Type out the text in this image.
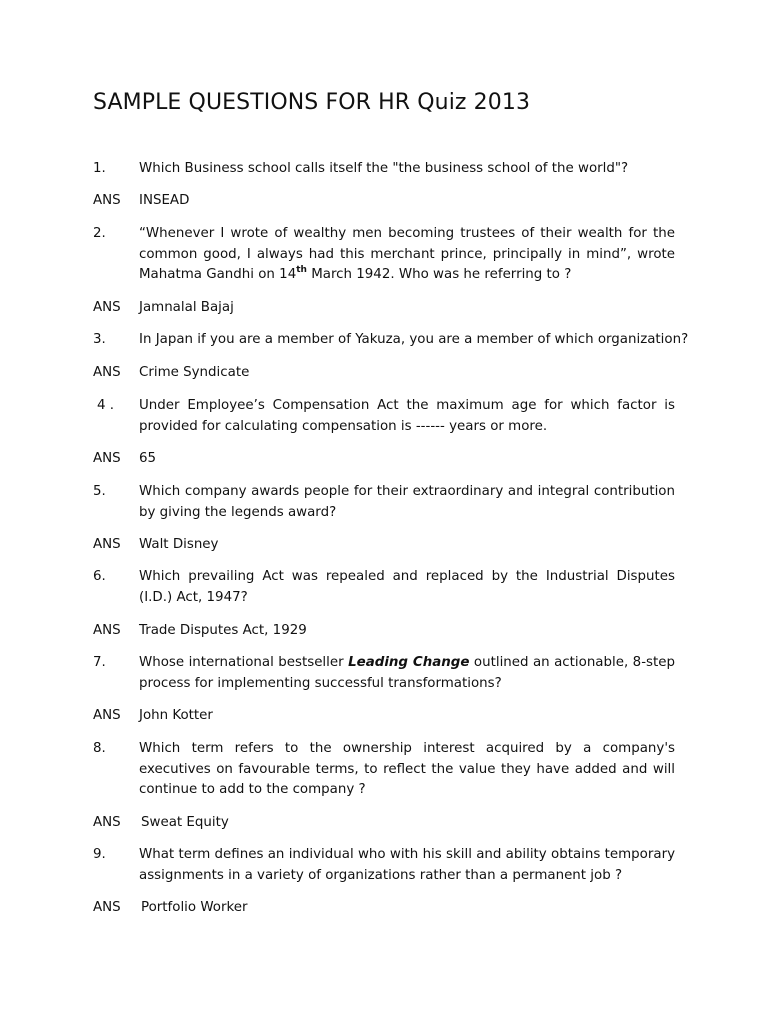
SAMPLE QUESTIONS FOR HR Quiz 2013
1. Which Business school calls itself the "the business school of the world"?
ANS INSEAD
2. “Whenever I wrote of wealthy men becoming trustees of their wealth for the common good, I always had this merchant prince, principally in mind”, wrote Mahatma Gandhi on 14th March 1942. Who was he referring to ?
ANS Jamnalal Bajaj
3. In Japan if you are a member of Yakuza, you are a member of which organization?
ANS Crime Syndicate
4 . Under Employee’s Compensation Act the maximum age for which factor is provided for calculating compensation is ------ years or more.
ANS 65
5. Which company awards people for their extraordinary and integral contribution by giving the legends award?
ANS Walt Disney
6. Which prevailing Act was repealed and replaced by the Industrial Disputes (I.D.) Act, 1947?
ANS Trade Disputes Act, 1929
7. Whose international bestseller Leading Change outlined an actionable, 8-step process for implementing successful transformations?
ANS John Kotter
8. Which term refers to the ownership interest acquired by a company's executives on favourable terms, to reflect the value they have added and will continue to add to the company ?
ANS Sweat Equity
9. What term defines an individual who with his skill and ability obtains temporary assignments in a variety of organizations rather than a permanent job ?
ANS Portfolio Worker
